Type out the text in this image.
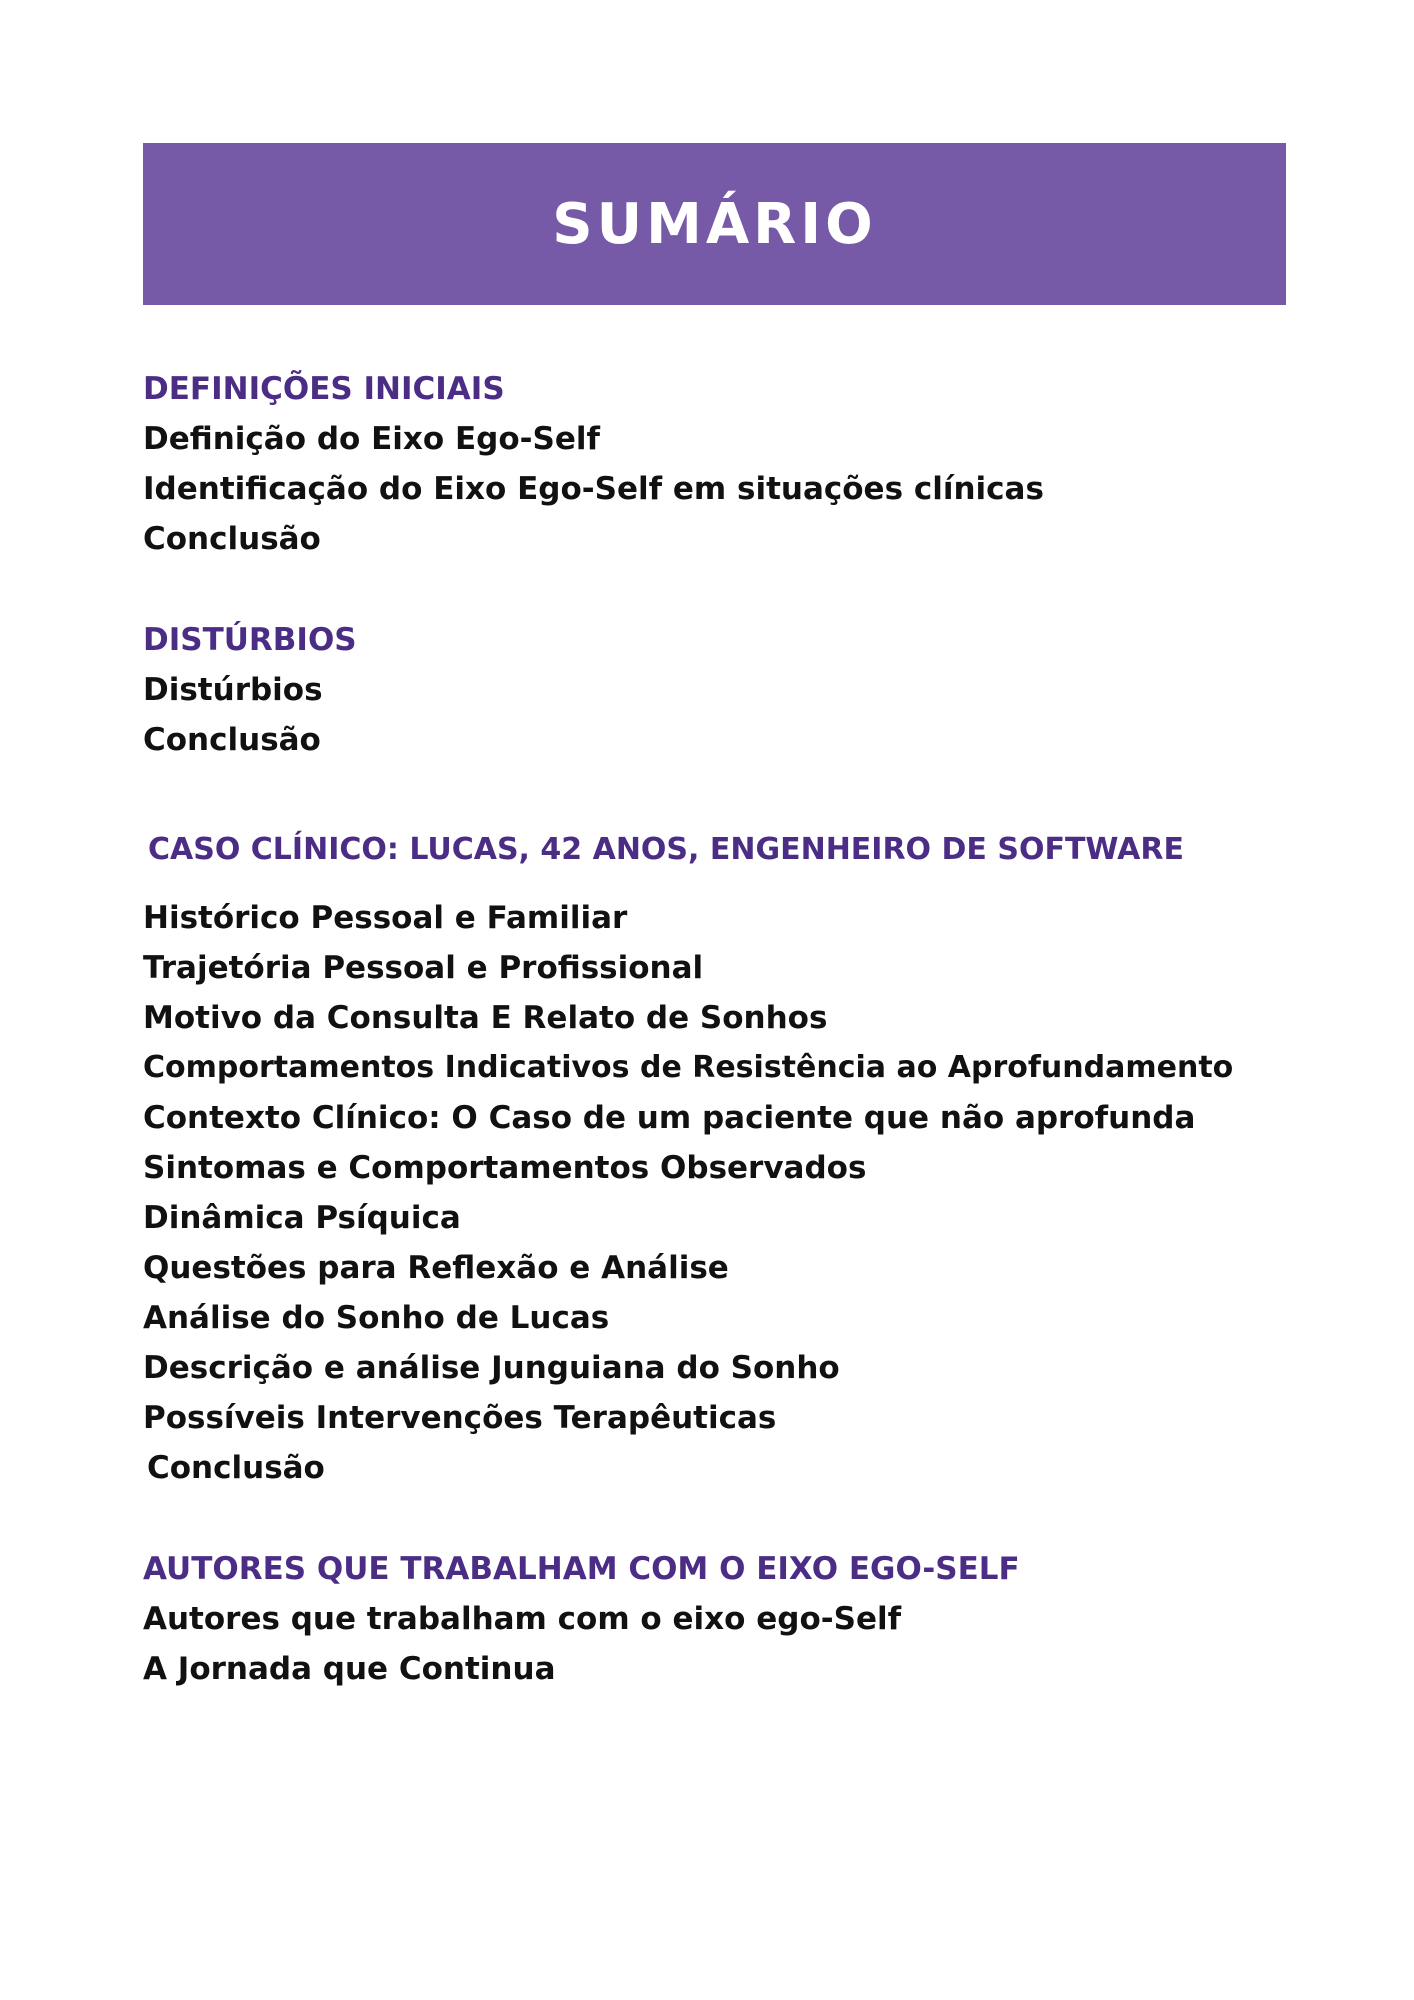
SUMÁRIO
DEFINIÇÕES INICIAIS
Definição do Eixo Ego-Self
Identificação do Eixo Ego-Self em situações clínicas
Conclusão
DISTÚRBIOS
Distúrbios
Conclusão
CASO CLÍNICO: LUCAS, 42 ANOS, ENGENHEIRO DE SOFTWARE
Histórico Pessoal e Familiar
Trajetória Pessoal e Profissional
Motivo da Consulta E Relato de Sonhos
Comportamentos Indicativos de Resistência ao Aprofundamento
Contexto Clínico: O Caso de um paciente que não aprofunda
Sintomas e Comportamentos Observados
Dinâmica Psíquica
Questões para Reflexão e Análise
Análise do Sonho de Lucas
Descrição e análise Junguiana do Sonho
Possíveis Intervenções Terapêuticas
Conclusão
AUTORES QUE TRABALHAM COM O EIXO EGO-SELF
Autores que trabalham com o eixo ego-Self
A Jornada que Continua
